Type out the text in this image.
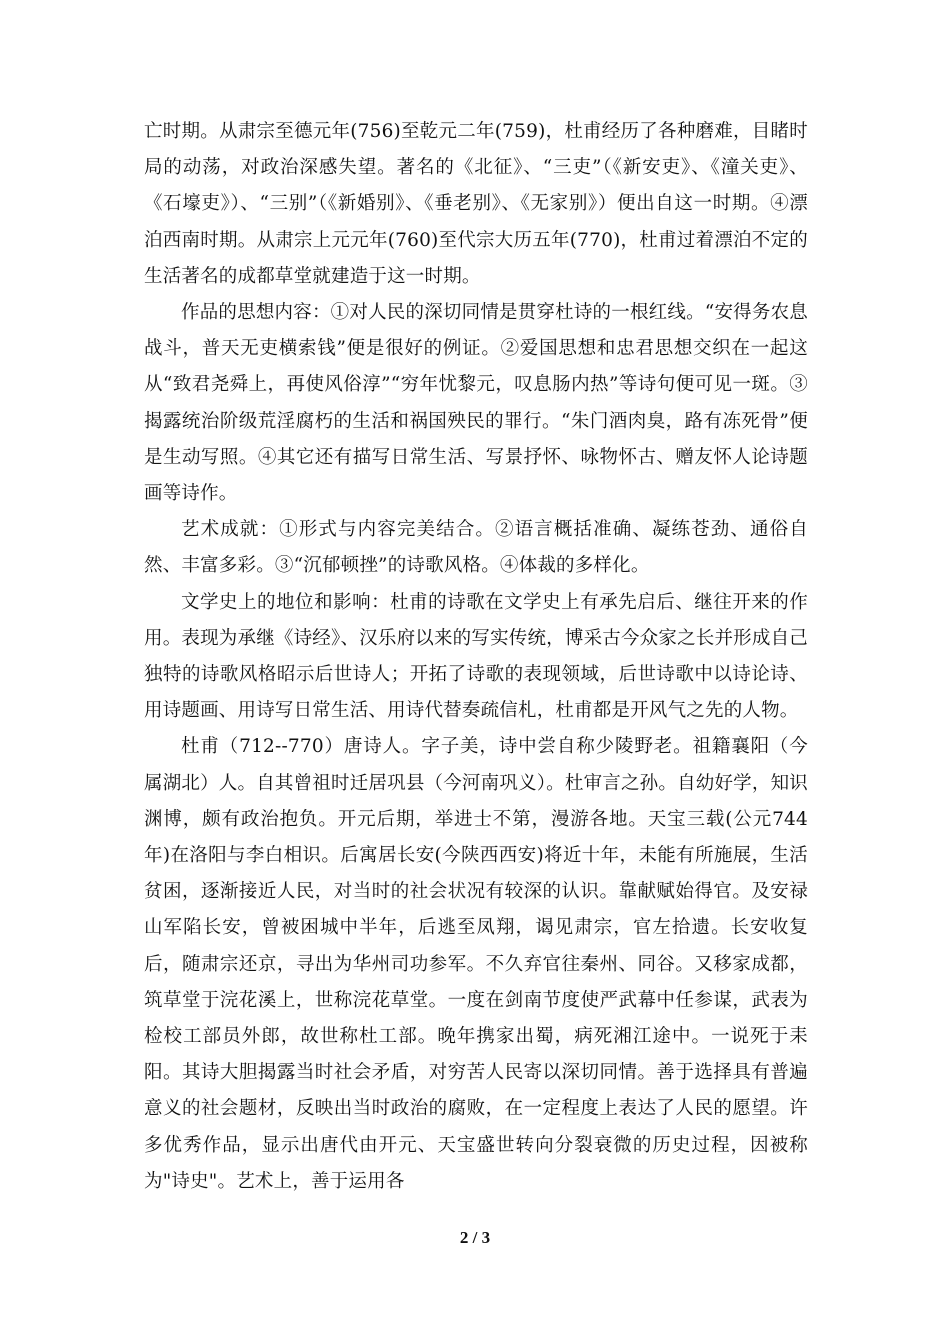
亡时期。从肃宗至德元年(756)至乾元二年(759)，杜甫经历了各种磨难，目睹时局的动荡，对政治深感失望。著名的《北征》、“三吏”（《新安吏》、《潼关吏》、《石壕吏》）、“三别”（《新婚别》、《垂老别》、《无家别》）便出自这一时期。④漂泊西南时期。从肃宗上元元年(760)至代宗大历五年(770)，杜甫过着漂泊不定的生活著名的成都草堂就建造于这一时期。

作品的思想内容：①对人民的深切同情是贯穿杜诗的一根红线。“安得务农息战斗，普天无吏横索钱”便是很好的例证。②爱国思想和忠君思想交织在一起这从“致君尧舜上，再使风俗淳”“穷年忧黎元，叹息肠内热”等诗句便可见一斑。③揭露统治阶级荒淫腐朽的生活和祸国殃民的罪行。“朱门酒肉臭，路有冻死骨”便是生动写照。④其它还有描写日常生活、写景抒怀、咏物怀古、赠友怀人论诗题画等诗作。

艺术成就：①形式与内容完美结合。②语言概括准确、凝练苍劲、通俗自然、丰富多彩。③“沉郁顿挫”的诗歌风格。④体裁的多样化。

文学史上的地位和影响：杜甫的诗歌在文学史上有承先启后、继往开来的作用。表现为承继《诗经》、汉乐府以来的写实传统，博采古今众家之长并形成自己独特的诗歌风格昭示后世诗人；开拓了诗歌的表现领域，后世诗歌中以诗论诗、用诗题画、用诗写日常生活、用诗代替奏疏信札，杜甫都是开风气之先的人物。

杜甫（712--770）唐诗人。字子美，诗中尝自称少陵野老。祖籍襄阳（今属湖北）人。自其曾祖时迁居巩县（今河南巩义）。杜审言之孙。自幼好学，知识渊博，颇有政治抱负。开元后期，举进士不第，漫游各地。天宝三载(公元744年)在洛阳与李白相识。后寓居长安(今陕西西安)将近十年，未能有所施展，生活贫困，逐渐接近人民，对当时的社会状况有较深的认识。靠献赋始得官。及安禄山军陷长安，曾被困城中半年，后逃至凤翔，谒见肃宗，官左拾遗。长安收复后，随肃宗还京，寻出为华州司功参军。不久弃官往秦州、同谷。又移家成都，筑草堂于浣花溪上，世称浣花草堂。一度在剑南节度使严武幕中任参谋，武表为检校工部员外郎，故世称杜工部。晚年携家出蜀，病死湘江途中。一说死于耒阳。其诗大胆揭露当时社会矛盾，对穷苦人民寄以深切同情。善于选择具有普遍意义的社会题材，反映出当时政治的腐败，在一定程度上表达了人民的愿望。许多优秀作品，显示出唐代由开元、天宝盛世转向分裂衰微的历史过程，因被称为"诗史"。艺术上，善于运用各

2 / 3
